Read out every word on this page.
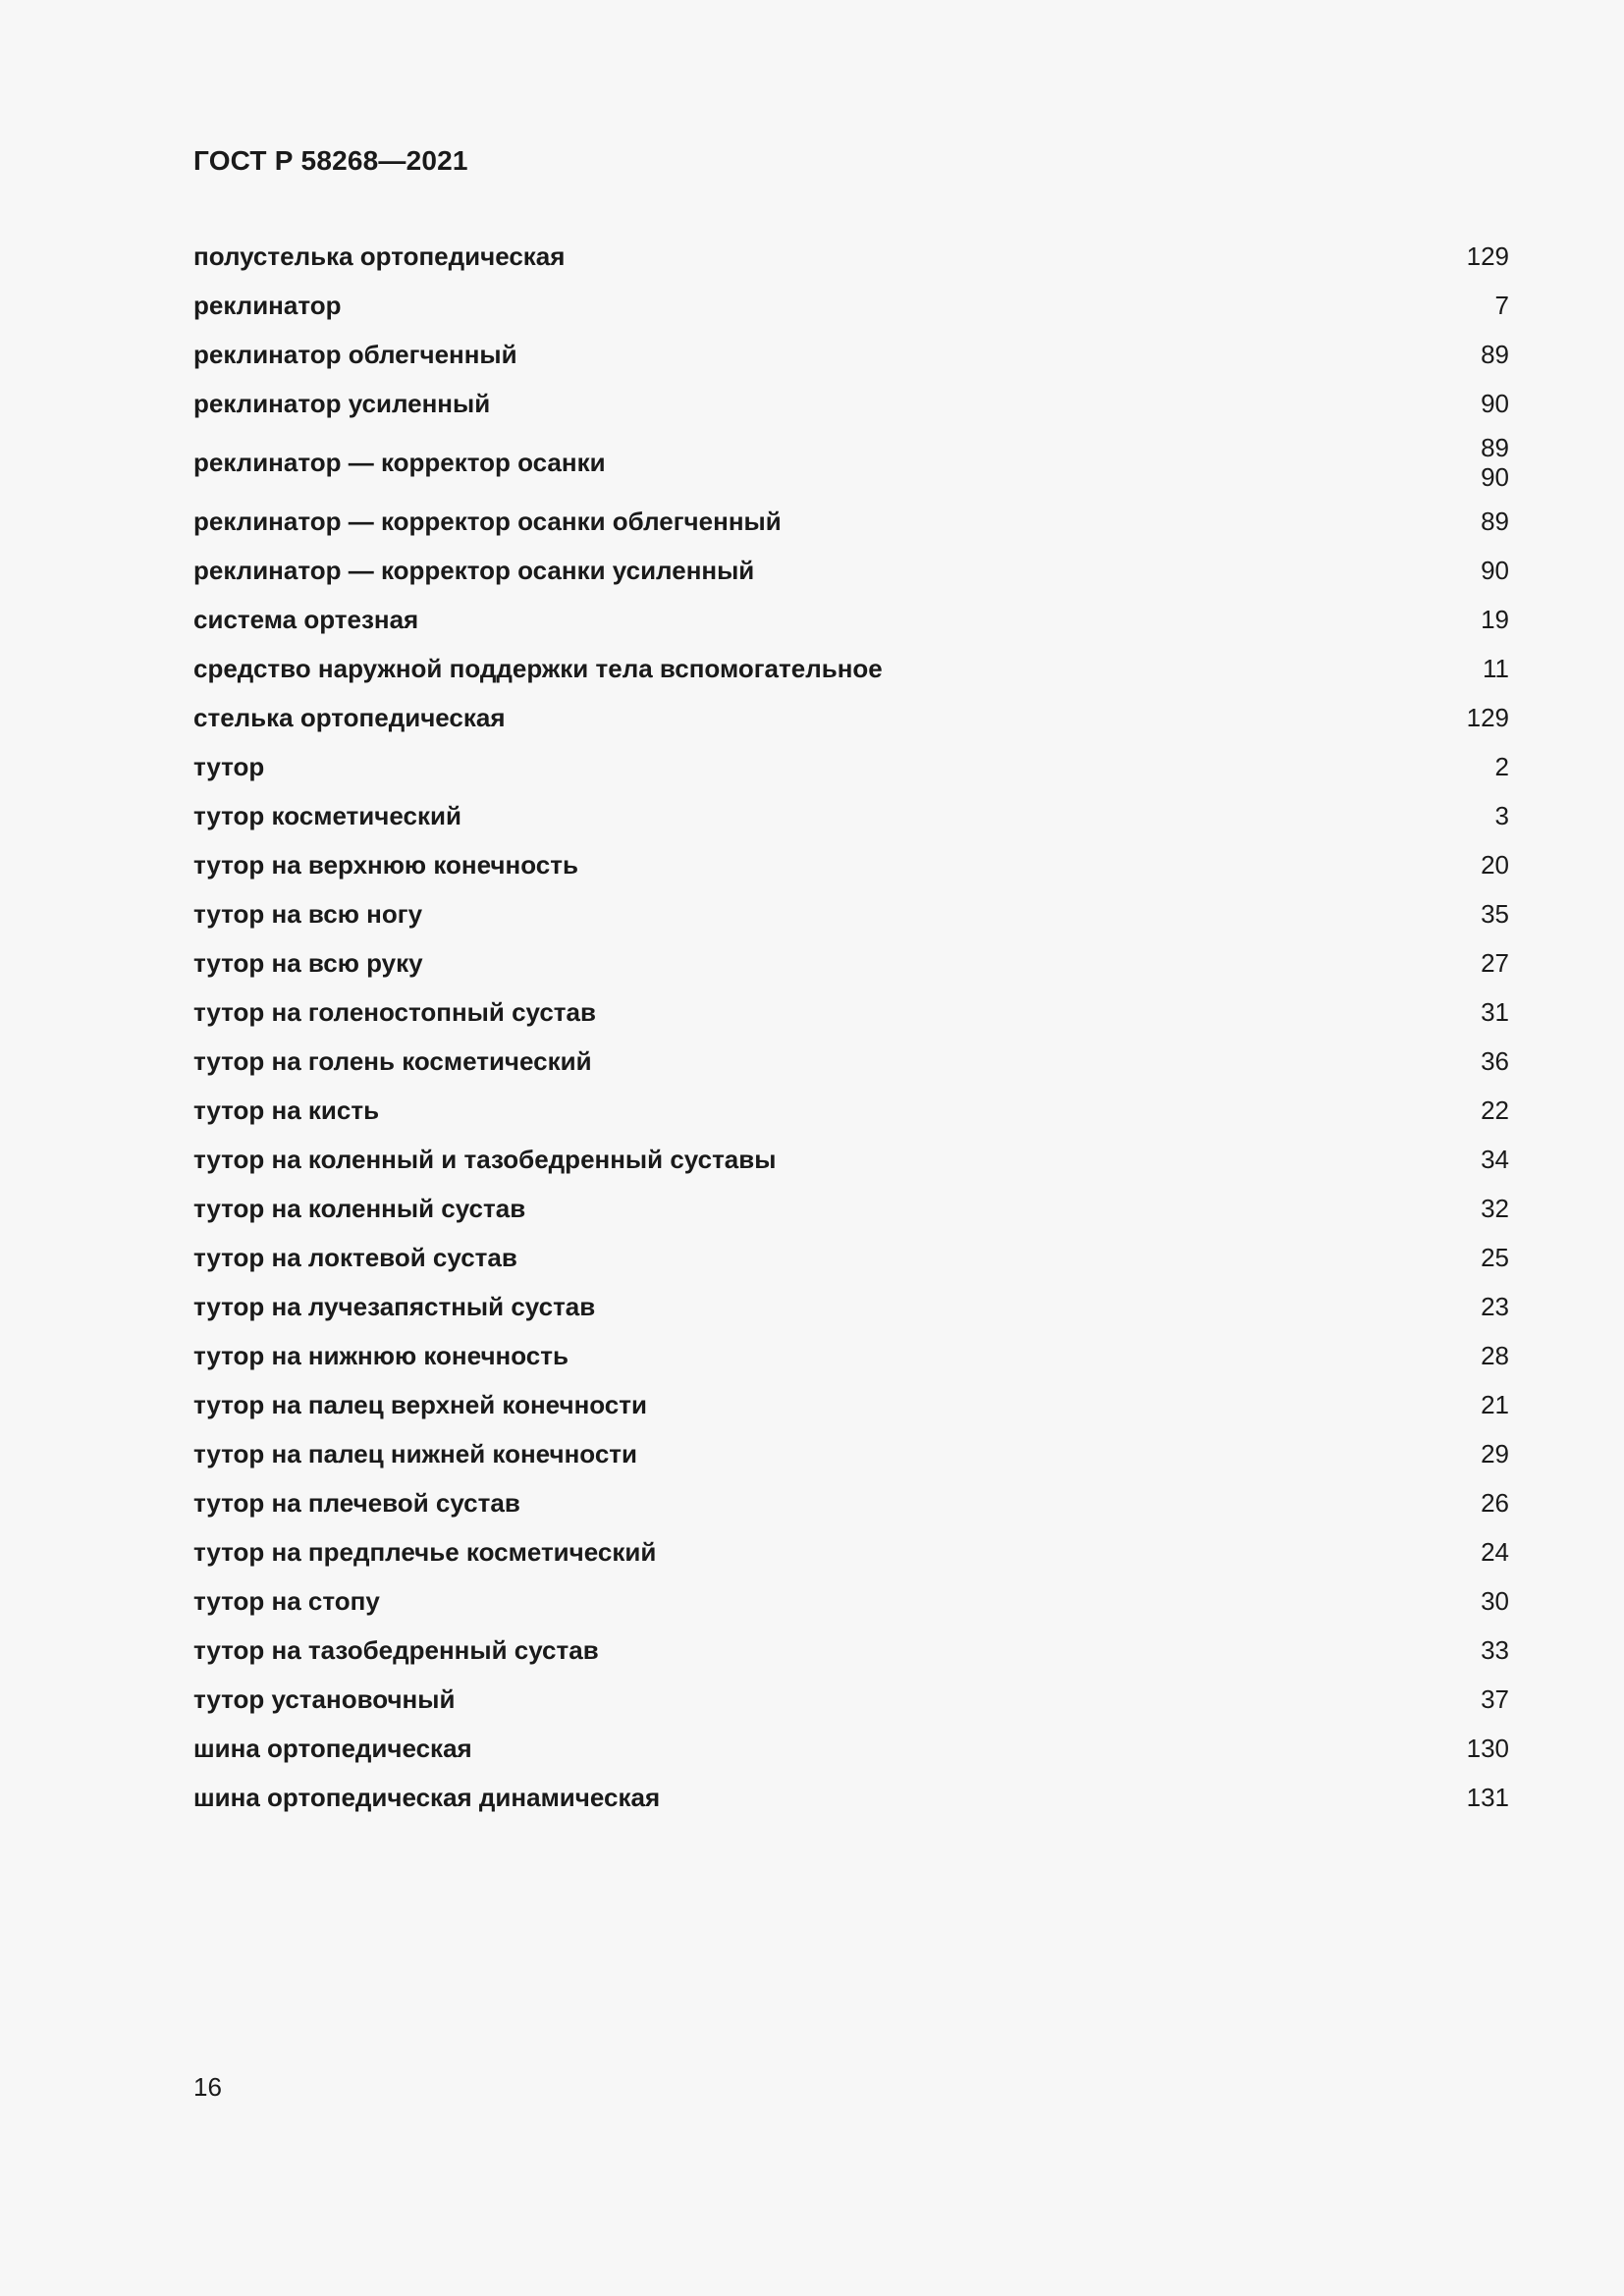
ГОСТ Р 58268—2021
полустелька ортопедическая	129
реклинатор	7
реклинатор облегченный	89
реклинатор усиленный	90
реклинатор — корректор осанки	89
90
реклинатор — корректор осанки облегченный	89
реклинатор — корректор осанки усиленный	90
система ортезная	19
средство наружной поддержки тела вспомогательное	11
стелька ортопедическая	129
тутор	2
тутор косметический	3
тутор на верхнюю конечность	20
тутор на всю ногу	35
тутор на всю руку	27
тутор на голеностопный сустав	31
тутор на голень косметический	36
тутор на кисть	22
тутор на коленный и тазобедренный суставы	34
тутор на коленный сустав	32
тутор на локтевой сустав	25
тутор на лучезапястный сустав	23
тутор на нижнюю конечность	28
тутор на палец верхней конечности	21
тутор на палец нижней конечности	29
тутор на плечевой сустав	26
тутор на предплечье косметический	24
тутор на стопу	30
тутор на тазобедренный сустав	33
тутор установочный	37
шина ортопедическая	130
шина ортопедическая динамическая	131
16
